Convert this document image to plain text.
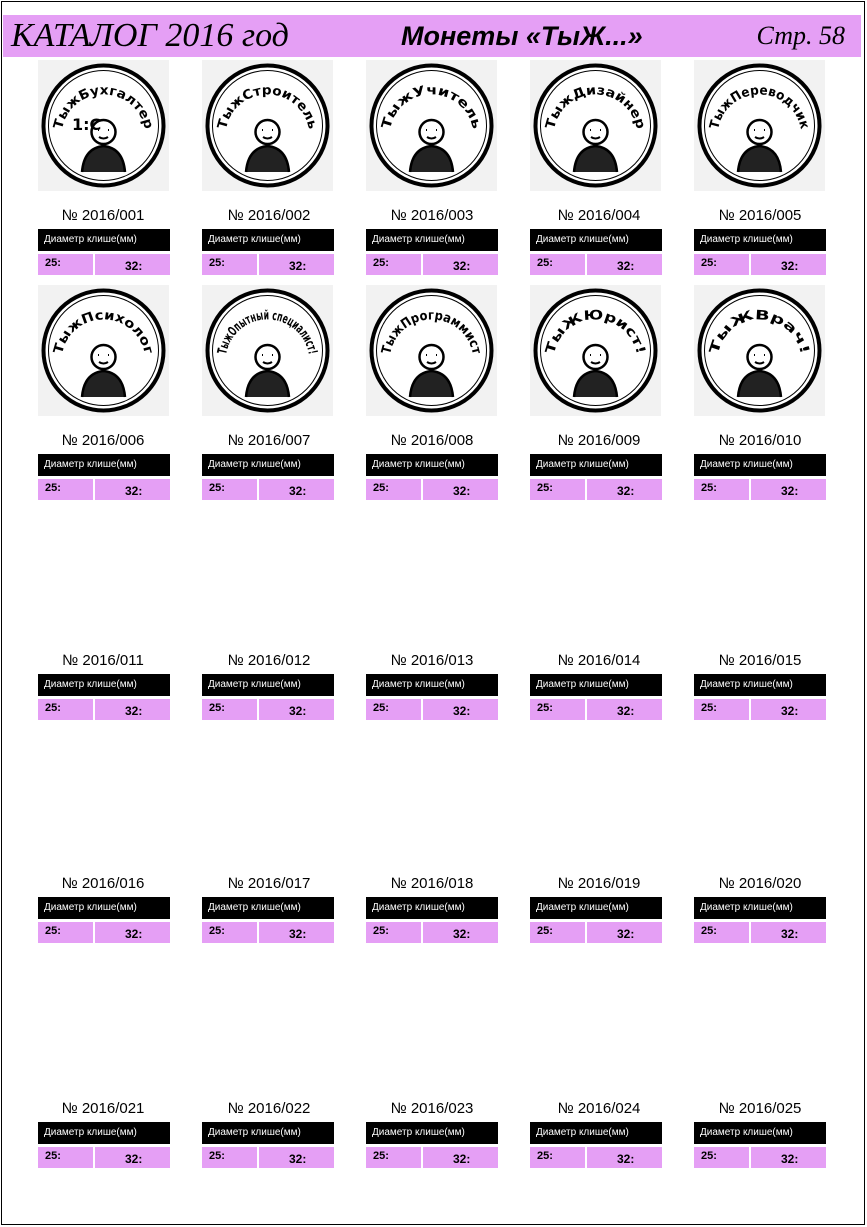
КАТАЛОГ 2016 год	Монеты «ТыЖ...»	Стр. 58
ТыжБухгалтер
1:С
№ 2016/001
Диаметр клише(мм)
25:	32:
ТыжСтроитель
№ 2016/002
Диаметр клише(мм)
25:	32:
ТыжУчитель
№ 2016/003
Диаметр клише(мм)
25:	32:
ТыжДизайнер
№ 2016/004
Диаметр клише(мм)
25:	32:
ТыжПереводчик
№ 2016/005
Диаметр клише(мм)
25:	32:
ТыжПсихолог
№ 2016/006
Диаметр клише(мм)
25:	32:
ТыжОпытный специалист!
№ 2016/007
Диаметр клише(мм)
25:	32:
ТыжПрограммист
№ 2016/008
Диаметр клише(мм)
25:	32:
ТыЖЮрист!
№ 2016/009
Диаметр клише(мм)
25:	32:
ТыЖВрач!
№ 2016/010
Диаметр клише(мм)
25:	32:
№ 2016/011
Диаметр клише(мм)
25:	32:
№ 2016/012
Диаметр клише(мм)
25:	32:
№ 2016/013
Диаметр клише(мм)
25:	32:
№ 2016/014
Диаметр клише(мм)
25:	32:
№ 2016/015
Диаметр клише(мм)
25:	32:
№ 2016/016
Диаметр клише(мм)
25:	32:
№ 2016/017
Диаметр клише(мм)
25:	32:
№ 2016/018
Диаметр клише(мм)
25:	32:
№ 2016/019
Диаметр клише(мм)
25:	32:
№ 2016/020
Диаметр клише(мм)
25:	32:
№ 2016/021
Диаметр клише(мм)
25:	32:
№ 2016/022
Диаметр клише(мм)
25:	32:
№ 2016/023
Диаметр клише(мм)
25:	32:
№ 2016/024
Диаметр клише(мм)
25:	32:
№ 2016/025
Диаметр клише(мм)
25:	32:
